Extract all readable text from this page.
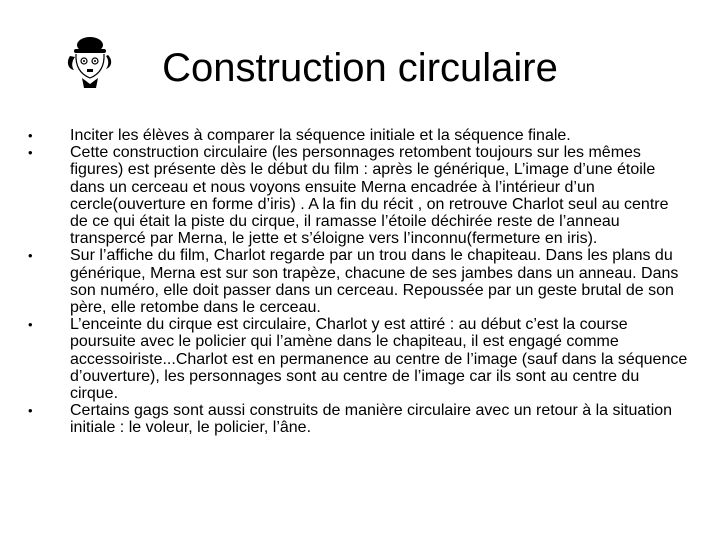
Construction circulaire
•	Inciter les élèves à comparer la séquence initiale et la séquence finale.
•	Cette construction circulaire (les personnages retombent toujours sur les mêmes figures) est présente dès le début du film : après le générique, L’image d’une étoile dans un cerceau et nous voyons ensuite Merna encadrée à l’intérieur d’un cercle(ouverture en forme d’iris) . A la fin du récit , on retrouve Charlot seul au centre de ce qui était la piste du cirque, il ramasse l’étoile déchirée reste de l’anneau transpercé par Merna, le jette et s’éloigne vers l’inconnu(fermeture en iris).
•	Sur l’affiche du film, Charlot regarde par un trou dans le chapiteau. Dans les plans du générique, Merna est sur son trapèze, chacune de ses jambes dans un anneau. Dans son numéro, elle doit passer dans un cerceau. Repoussée par un geste brutal de son père, elle retombe dans le cerceau.
•	L’enceinte du cirque est circulaire, Charlot y est attiré : au début c’est la course poursuite avec le policier qui l’amène dans le chapiteau, il est engagé comme accessoiriste...Charlot est en permanence au centre de l’image (sauf dans la séquence d’ouverture), les personnages sont au centre de l’image car ils sont au centre du cirque.
•	Certains gags sont aussi construits de manière circulaire avec un retour à la situation initiale : le voleur, le policier, l’âne.
